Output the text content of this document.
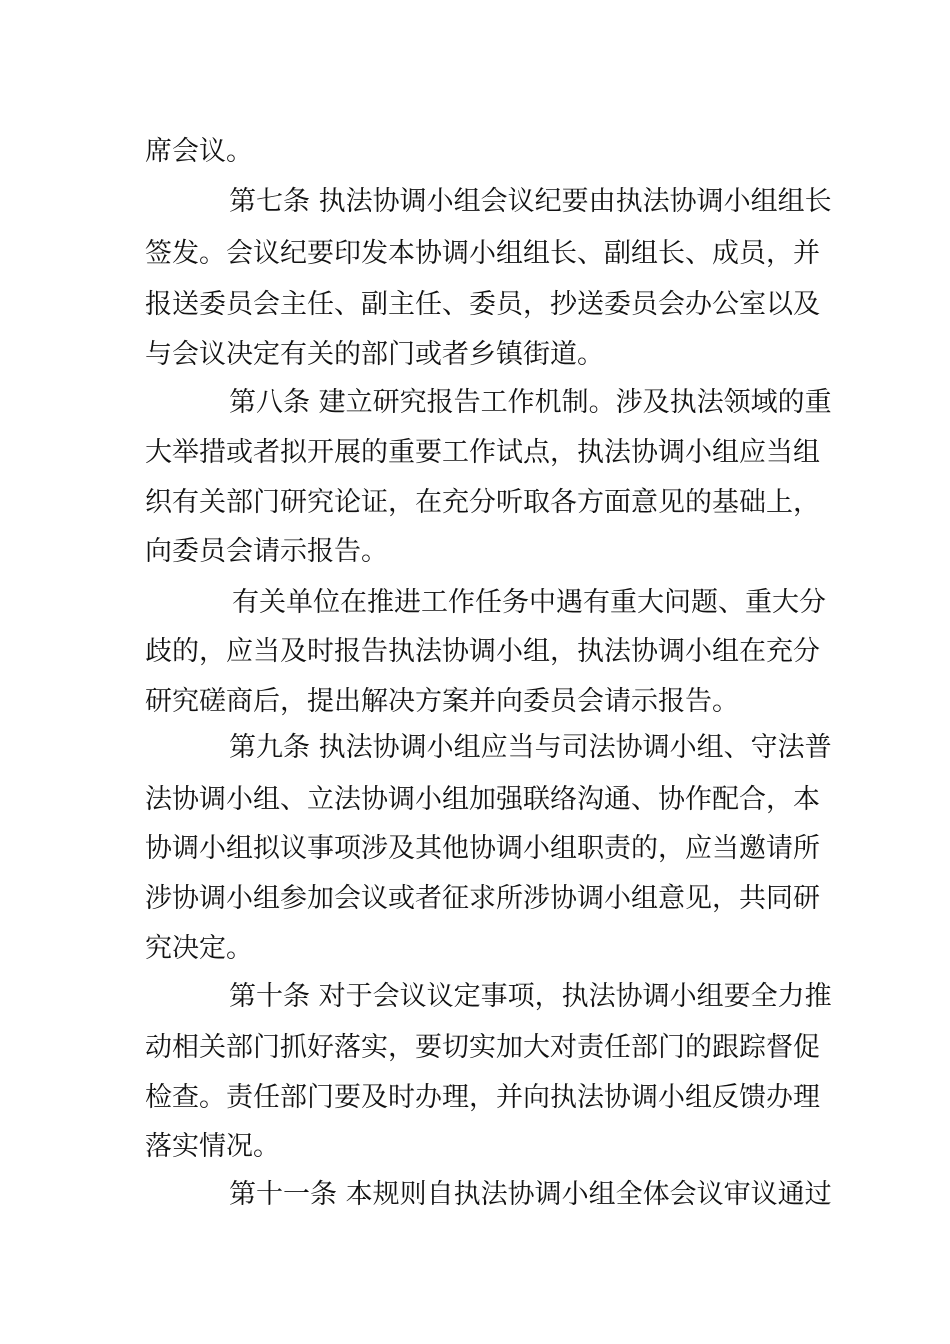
席会议。
第七条 执法协调小组会议纪要由执法协调小组组长
签发。会议纪要印发本协调小组组长、副组长、成员，并
报送委员会主任、副主任、委员，抄送委员会办公室以及
与会议决定有关的部门或者乡镇街道。
第八条 建立研究报告工作机制。涉及执法领域的重
大举措或者拟开展的重要工作试点，执法协调小组应当组
织有关部门研究论证，在充分听取各方面意见的基础上，
向委员会请示报告。
有关单位在推进工作任务中遇有重大问题、重大分
歧的，应当及时报告执法协调小组，执法协调小组在充分
研究磋商后，提出解决方案并向委员会请示报告。
第九条 执法协调小组应当与司法协调小组、守法普
法协调小组、立法协调小组加强联络沟通、协作配合，本
协调小组拟议事项涉及其他协调小组职责的，应当邀请所
涉协调小组参加会议或者征求所涉协调小组意见，共同研
究决定。
第十条 对于会议议定事项，执法协调小组要全力推
动相关部门抓好落实，要切实加大对责任部门的跟踪督促
检查。责任部门要及时办理，并向执法协调小组反馈办理
落实情况。
第十一条 本规则自执法协调小组全体会议审议通过
